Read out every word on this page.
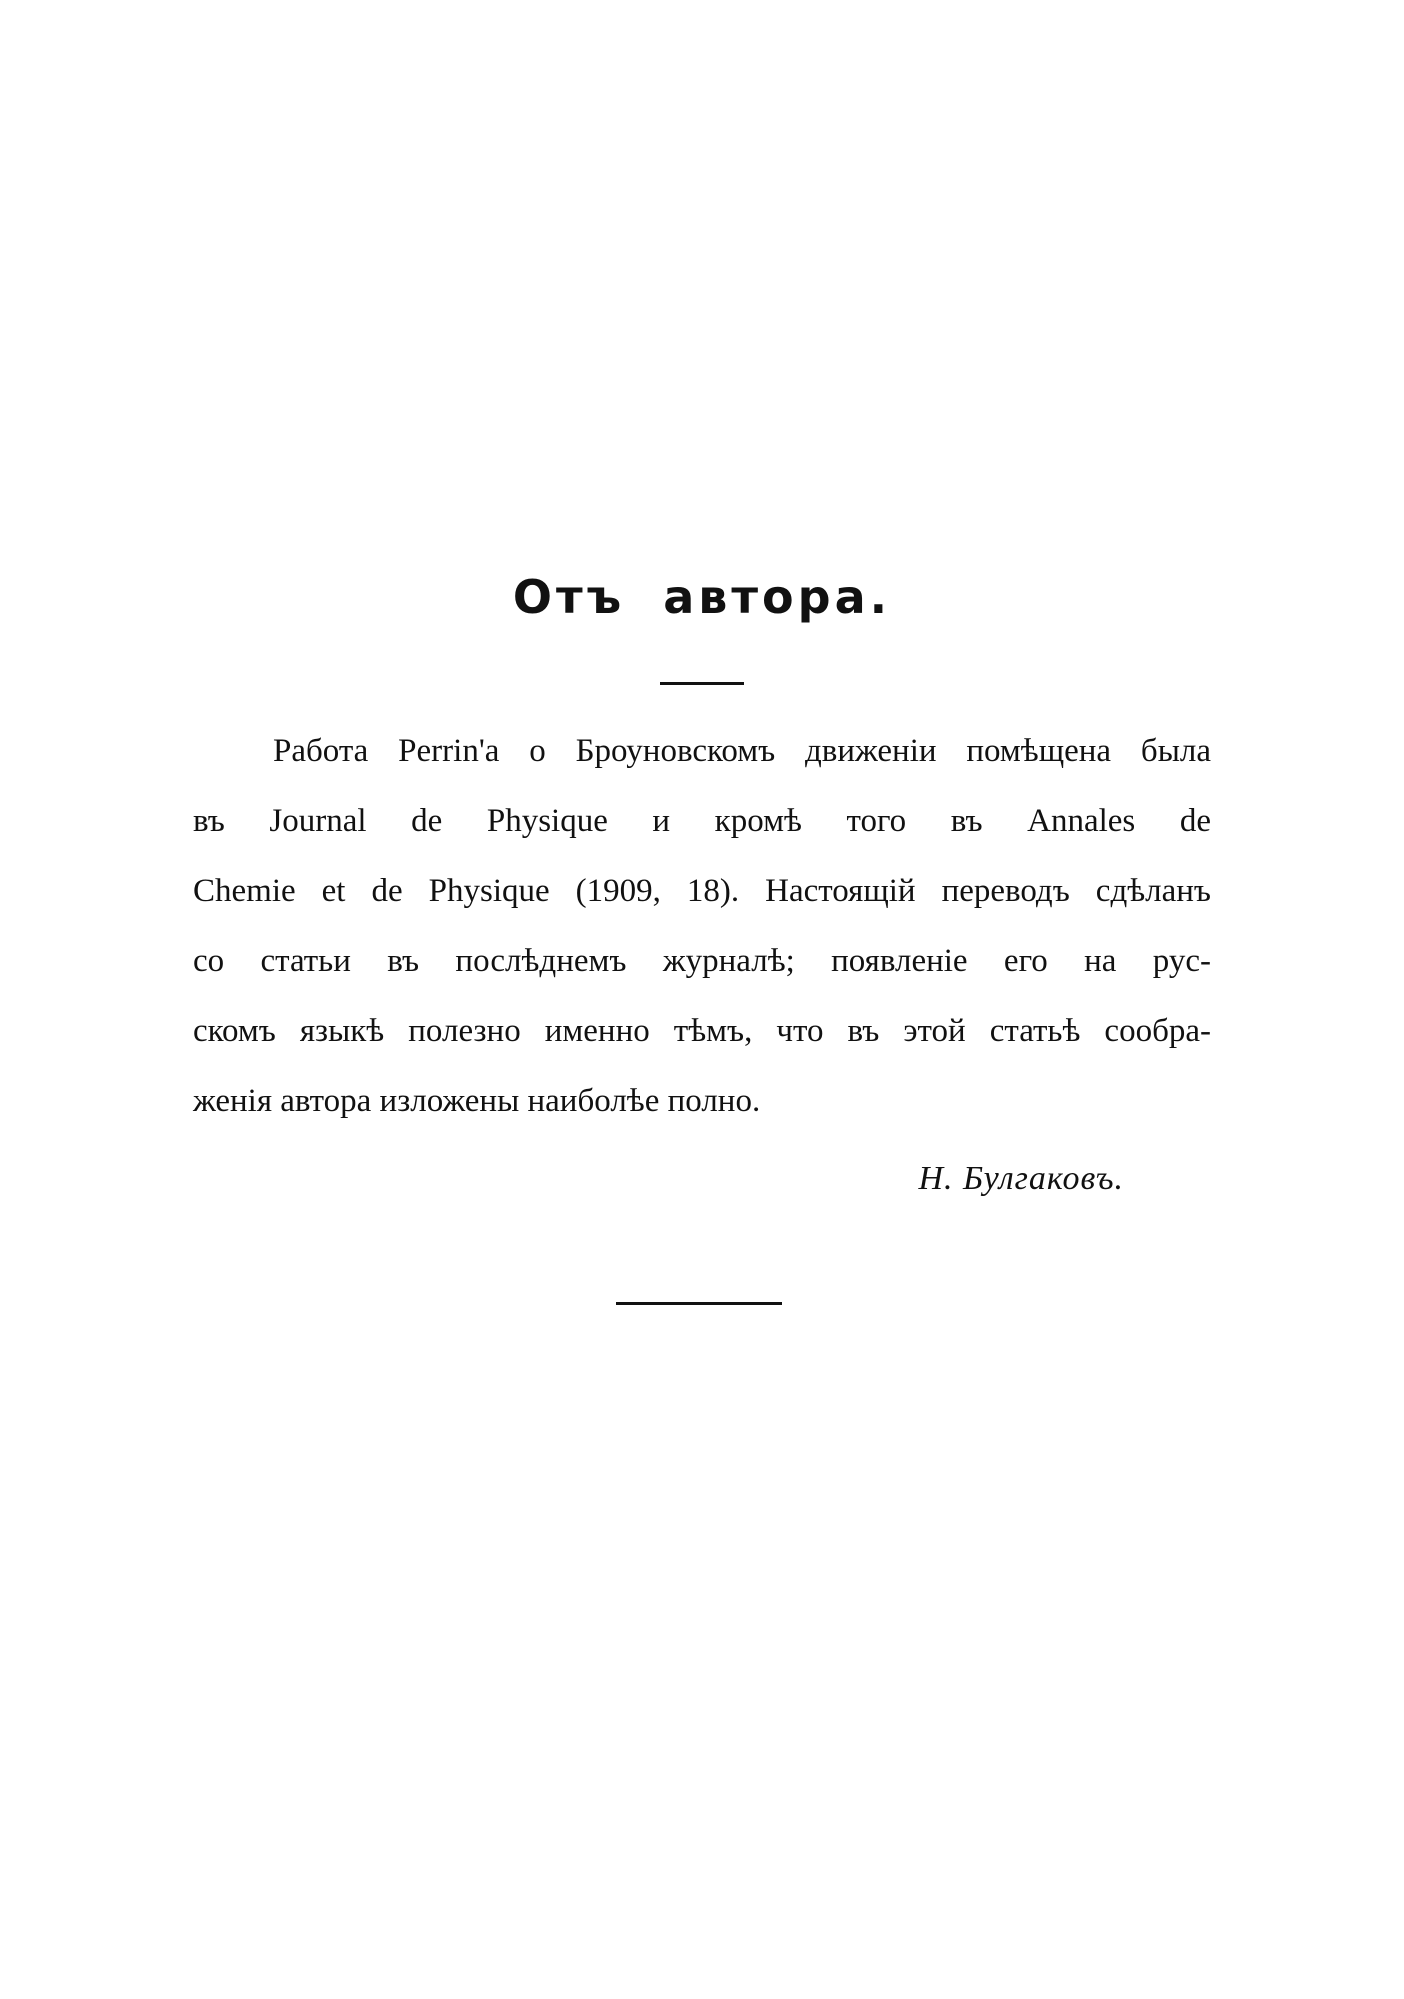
Отъ автора.

Работа Perrin'a о Броуновскомъ движеніи помѣщена была
въ Journal de Physique и кромѣ того въ Annales de
Chemie et de Physique (1909, 18). Настоящій переводъ сдѣланъ
со статьи въ послѣднемъ журналѣ; появленіе его на рус-
скомъ языкѣ полезно именно тѣмъ, что въ этой статьѣ сообра-
женія автора изложены наиболѣе полно.

Н. Булгаковъ.
